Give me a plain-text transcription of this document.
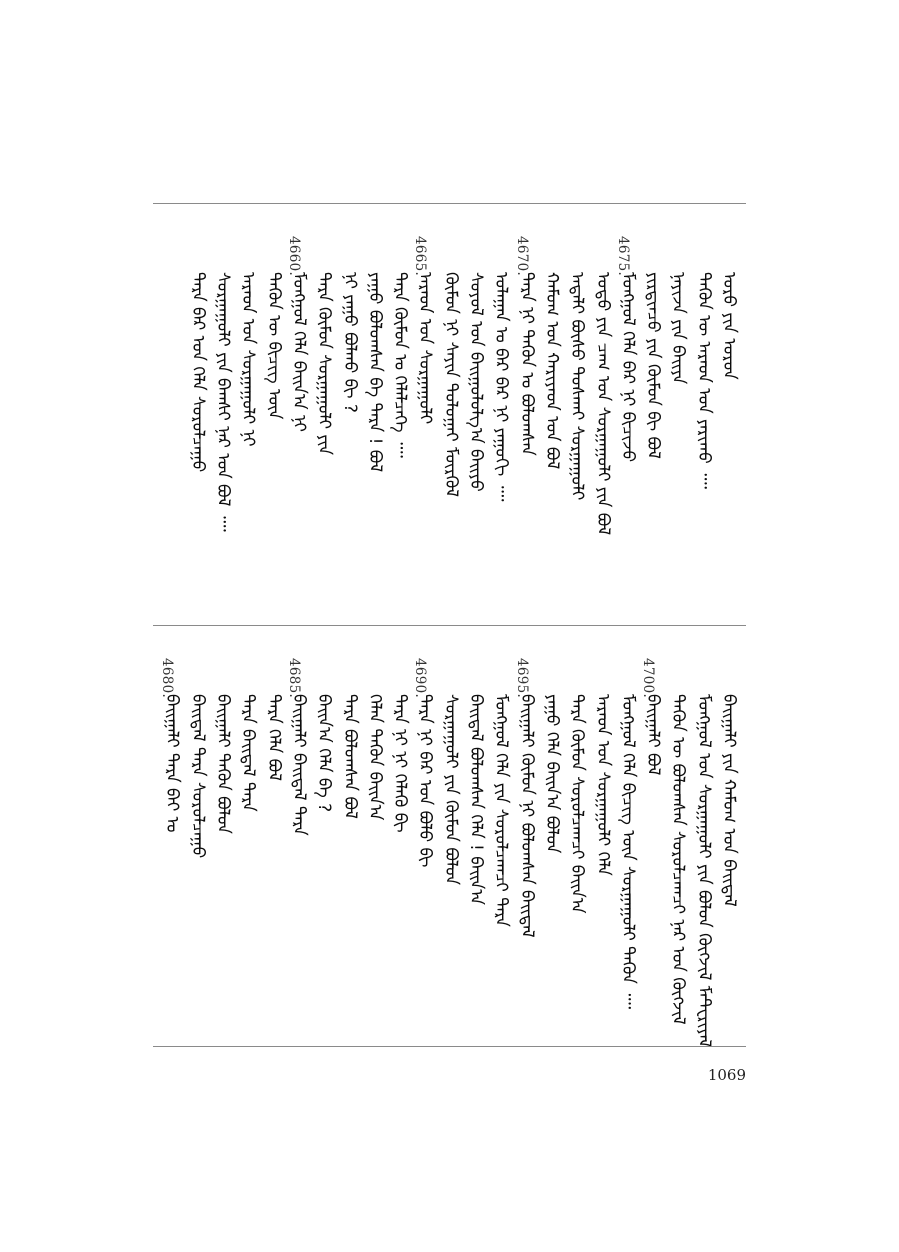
ᠤᠷᠤ ᠶᠢᠨ ᠤᠷᠤᠨ
ᠲᠡᠭᠦᠨ ᠦ ᠠᠷᠠᠳ ᠤᠨ ᠶᠠᠷᠢᠬᠤ ᠁
ᠨᠠᠶᠢᠵᠠ ᠶᠢᠨ ᠪᠠᠢᠶᠠ
ᠶᠢᠷᠲᠢᠨᠴᠦ ᠶᠢᠨ ᠬᠦᠮᠦᠨ ᠪᠢ ᠪᠣᠯ
4675.
ᠮᠣᠩᠭᠣᠯ ᠬᠡᠯᠡ ᠪᠡᠷ ᠨᠢ ᠪᠢᠴᠢᠵᠦ
ᠣᠳᠣ ᠶᠢᠨ ᠴᠠᠭ ᠤᠨ ᠰᠤᠷᠭᠠᠭᠤᠯᠢ ᠶᠢᠨ ᠪᠣᠯ
ᠠᠳᠠᠯᠢ ᠪᠦᠰᠦ ᠲᠤᠰᠬᠠᠢ ᠰᠤᠷᠭᠠᠭᠤᠯᠢ
ᠬᠠᠮᠤᠭ ᠤᠨ ᠬᠠᠷᠢᠶᠠᠳ ᠤᠨ ᠪᠣᠯ
4670.
ᠲᠡᠷᠡ ᠨᠢ ᠲᠡᠭᠦᠨ ᠤ ᠪᠣᠯᠤᠭᠰᠠᠨ
ᠤᠯᠠᠭᠠᠨ ᠤ ᠪᠠᠷ ᠪᠡᠷ ᠨᠢ ᠶᠠᠭᠤᠬᠢ ᠁
ᠰᠣᠶᠣᠯ ᠤᠨ ᠪᠠᠢᠭᠤᠯᠤᠯᠭ᠎ᠠ ᠪᠠᠢᠶᠤ
ᠬᠦᠮᠦᠨ ᠨᠢ ᠰᠠᠶᠢᠨ ᠲᠣᠯᠣᠭᠠᠢ ᠮᠥᠷᠭᠥᠯ
4665.
ᠠᠷᠠᠳ ᠤᠨ ᠰᠤᠷᠭᠠᠭᠤᠯᠢ
ᠲᠡᠷᠡ ᠬᠦᠮᠦᠨ ᠤ ᠬᠡᠯᠡᠯᠴᠡᠭᠡ ᠁
ᠶᠠᠭᠤ ᠪᠣᠯᠣᠭᠰᠠᠨ ᠪᠡ ᠲᠡᠷᠡ ! ᠪᠣᠯ
ᠨᠢ ᠶᠠᠭᠤ ᠪᠣᠯᠬᠤ ᠪᠢ ?
ᠲᠡᠷᠡ ᠬᠦᠮᠦᠨ ᠰᠤᠷᠭᠠᠭᠤᠯᠢ ᠶᠢᠨ
4660.
ᠮᠣᠩᠭᠣᠯ ᠬᠡᠯᠡ ᠪᠠᠢᠨ᠎ᠠ ᠨᠢ
ᠲᠡᠭᠦᠨ ᠦ ᠪᠢᠴᠢᠭ ᠦᠨ
ᠠᠷᠠᠳ ᠤᠨ ᠰᠤᠷᠭᠠᠭᠤᠯᠢ ᠨᠢ
ᠰᠤᠷᠭᠠᠭᠤᠯᠢ ᠶᠢᠨ ᠪᠠᠭᠰᠢ ᠨᠠᠷ ᠤᠨ ᠪᠣᠯ ᠁
ᠲᠡᠷᠡ ᠪᠡᠷ ᠤᠨ ᠬᠡᠯᠡ ᠰᠤᠷᠤᠯᠴᠠᠭᠤ
ᠪᠠᠢᠭᠠᠯᠢ ᠶᠢᠨ ᠬᠠᠮᠤᠭ ᠤᠨ ᠪᠠᠢᠳᠠᠯ
ᠮᠣᠩᠭᠣᠯ ᠤᠨ ᠰᠤᠷᠭᠠᠭᠤᠯᠢ ᠶᠢᠨ ᠪᠣᠯᠤᠨ ᠬᠥᠭᠵᠢᠯ ᠮᠠᠲᠸᠷᠢᠶᠠᠯ
ᠲᠡᠭᠦᠨ ᠦ ᠪᠣᠯᠤᠭᠰᠠᠨ ᠰᠤᠷᠤᠯᠴᠠᠭᠴᠢ ᠨᠠᠷ ᠤᠨ ᠬᠥᠭᠵᠢᠯ
4700.
ᠪᠠᠢᠭᠠᠯᠢ ᠪᠣᠯ
ᠮᠣᠩᠭᠣᠯ ᠬᠡᠯᠡ ᠪᠢᠴᠢᠭ ᠦᠨ ᠰᠤᠷᠭᠠᠭᠤᠯᠢ ᠲᠡᠭᠦᠨ ᠁
ᠠᠷᠠᠳ ᠤᠨ ᠰᠤᠷᠭᠠᠭᠤᠯᠢ ᠬᠡᠯᠡ
ᠲᠡᠷᠡ ᠬᠦᠮᠦᠨ ᠰᠤᠷᠤᠯᠴᠠᠭᠴᠢ ᠪᠠᠢᠨ᠎ᠠ
ᠶᠠᠭᠤ ᠬᠡᠯᠡ ᠪᠠᠢᠨ᠎ᠠ ᠪᠣᠯᠤᠨ
4695.
ᠪᠠᠢᠭᠠᠯᠢ ᠬᠦᠮᠦᠨ ᠨᠢ ᠪᠣᠯᠤᠭᠰᠠᠨ ᠪᠠᠢᠳᠠᠯ
ᠮᠣᠩᠭᠣᠯ ᠬᠡᠯᠡ ᠶᠢᠨ ᠰᠤᠷᠤᠯᠴᠠᠭᠴᠢ ᠲᠡᠷᠡ
ᠪᠠᠢᠳᠠᠯ ᠪᠣᠯᠤᠭᠰᠠᠨ ᠬᠡᠯᠡ ! ᠪᠠᠢᠨ᠎ᠠ
ᠰᠤᠷᠭᠠᠭᠤᠯᠢ ᠶᠢᠨ ᠬᠦᠮᠦᠨ ᠪᠣᠯᠤᠨ
4690.
ᠲᠡᠷᠡ ᠨᠢ ᠪᠡᠷ ᠤᠨ ᠪᠣᠯᠤ ᠪᠢ
ᠲᠡᠷᠡ ᠨᠢ ᠨᠢ ᠬᠡᠯᠡᠬᠦ ᠪᠢ
ᠬᠡᠯᠡᠨ ᠲᠡᠭᠦᠨ ᠪᠠᠢᠨ᠎ᠠ
ᠲᠡᠷᠡ ᠪᠣᠯᠤᠭᠰᠠᠨ ᠪᠣᠯ
ᠪᠠᠢᠨ᠎ᠠ ᠬᠡᠯᠡ ᠪᠡ ?
4685.
ᠪᠠᠢᠭᠠᠯᠢ ᠪᠠᠢᠳᠠᠯ ᠲᠡᠷᠡ
ᠲᠡᠷᠡ ᠬᠡᠯᠡ ᠪᠣᠯ
ᠲᠡᠷᠡ ᠪᠠᠢᠳᠠᠯ ᠲᠡᠷᠡ
ᠪᠠᠢᠭᠠᠯᠢ ᠲᠡᠭᠦᠨ ᠪᠣᠯᠤᠨ
ᠪᠠᠢᠳᠠᠯ ᠲᠡᠷᠡ ᠰᠤᠷᠤᠯᠴᠠᠭᠤ
4680.
ᠪᠠᠢᠭᠠᠯᠢ ᠲᠡᠷᠡ ᠪᠠᠢ ᠤ
1069
